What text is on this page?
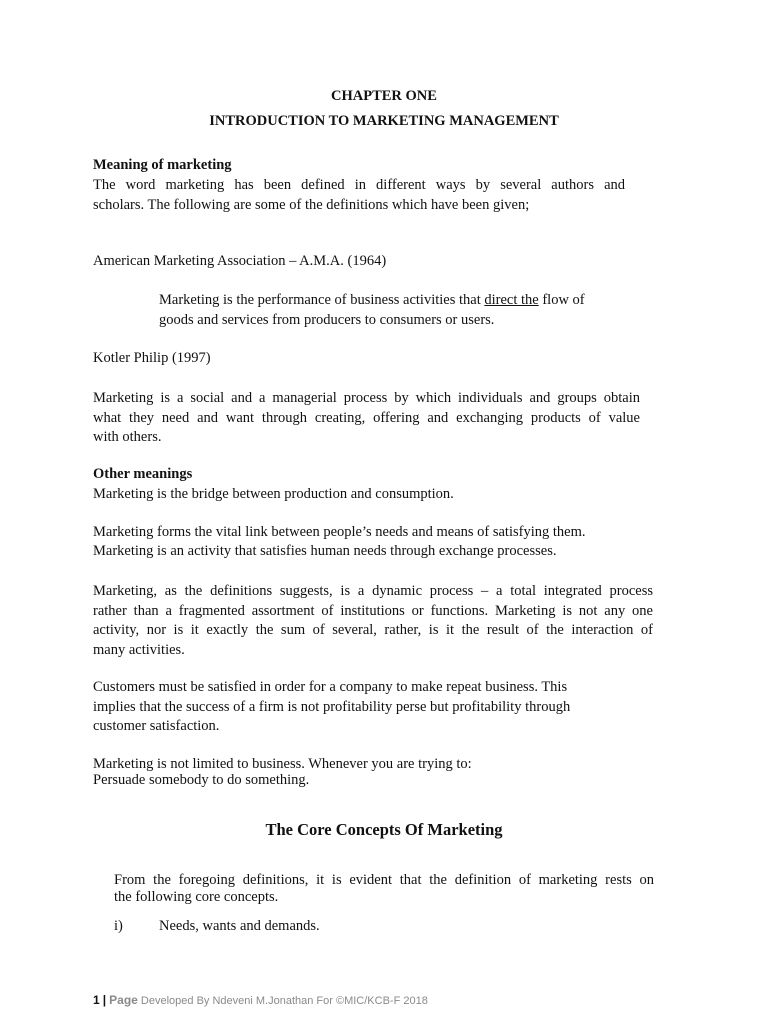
CHAPTER ONE

INTRODUCTION TO MARKETING MANAGEMENT

Meaning of marketing

The word marketing has been defined in different ways by several authors and
scholars. The following are some of the definitions which have been given;

American Marketing Association – A.M.A. (1964)

Marketing is the performance of business activities that direct the flow of

goods and services from producers to consumers or users.

Kotler Philip (1997)

Marketing is a social and a managerial process by which individuals and groups obtain
what they need and want through creating, offering and exchanging products of value
with others.

Other meanings

Marketing is the bridge between production and consumption.

Marketing forms the vital link between people’s needs and means of satisfying them.

Marketing is an activity that satisfies human needs through exchange processes.

Marketing, as the definitions suggests, is a dynamic process – a total integrated process
rather than a fragmented assortment of institutions or functions. Marketing is not any one
activity, nor is it exactly the sum of several, rather, is it the result of the interaction of
many activities.
Customers must be satisfied in order for a company to make repeat business. This
implies that the success of a firm is not profitability perse but profitability through
customer satisfaction.

Marketing is not limited to business. Whenever you are trying to:

Persuade somebody to do something.

The Core Concepts Of Marketing

From the foregoing definitions, it is evident that the definition of marketing rests on
the following core concepts.

i) Needs, wants and demands.

1 | Page Developed By Ndeveni M.Jonathan For ©MIC/KCB-F 2018
